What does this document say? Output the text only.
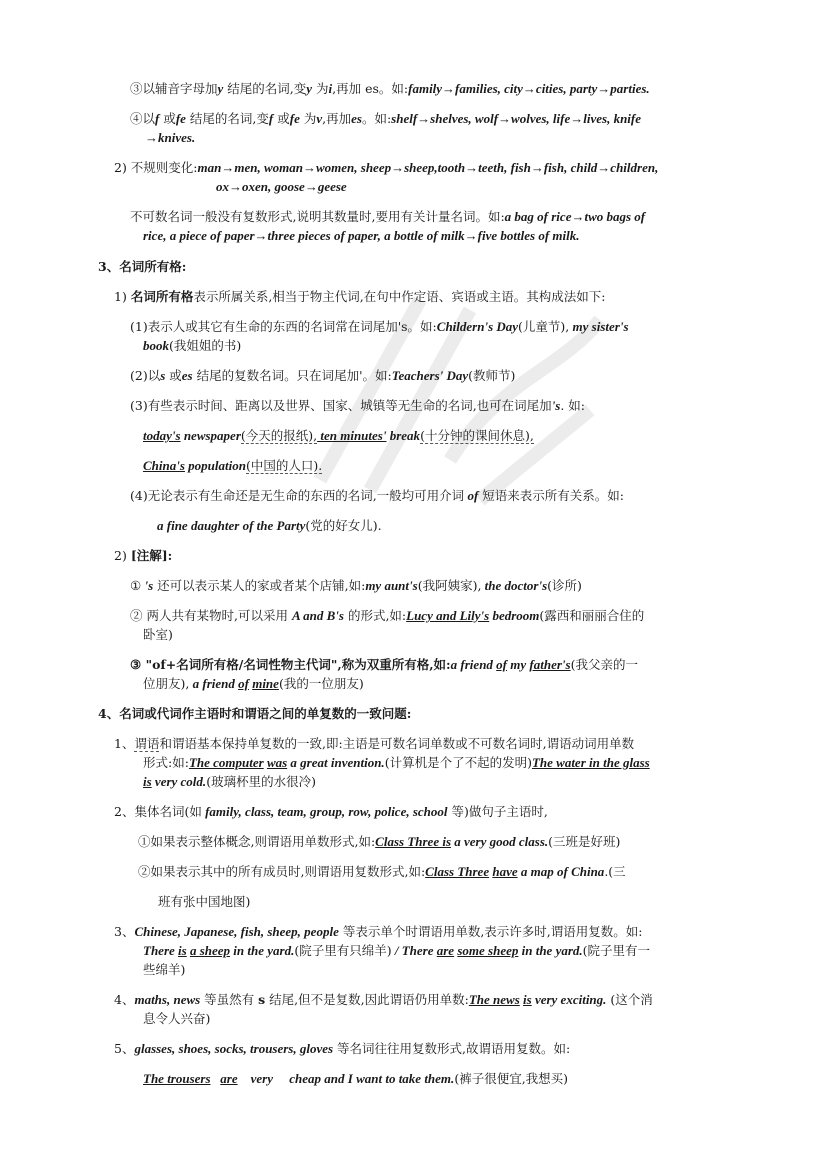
③以辅音字母加y 结尾的名词,变y 为i,再加 es。如:family→families, city→cities, party→parties.
④以f 或fe 结尾的名词,变f 或fe 为v,再加es。如:shelf→shelves, wolf→wolves, life→lives, knife
→knives.
2) 不规则变化:man→men, woman→women, sheep→sheep,tooth→teeth, fish→fish, child→children,
ox→oxen, goose→geese
不可数名词一般没有复数形式,说明其数量时,要用有关计量名词。如:a bag of rice→two bags of
rice, a piece of paper→three pieces of paper, a bottle of milk→five bottles of milk.
3、名词所有格:
1) 名词所有格表示所属关系,相当于物主代词,在句中作定语、宾语或主语。其构成法如下:
(1)表示人或其它有生命的东西的名词常在词尾加's。如:Childern's Day(儿童节), my sister's
book(我姐姐的书)
(2)以s 或es 结尾的复数名词。只在词尾加'。如:Teachers' Day(教师节)
(3)有些表示时间、距离以及世界、国家、城镇等无生命的名词,也可在词尾加's. 如:
today's newspaper(今天的报纸), ten minutes' break(十分钟的课间休息),
China's population(中国的人口).
(4)无论表示有生命还是无生命的东西的名词,一般均可用介词 of 短语来表示所有关系。如:
a fine daughter of the Party(党的好女儿).
2) [注解]:
① 's 还可以表示某人的家或者某个店铺,如:my aunt's(我阿姨家), the doctor's(诊所)
② 两人共有某物时,可以采用 A and B's 的形式,如:Lucy and Lily's bedroom(露西和丽丽合住的
卧室)
③ "of+名词所有格/名词性物主代词",称为双重所有格,如:a friend of my father's(我父亲的一
位朋友), a friend of mine(我的一位朋友)
4、名词或代词作主语时和谓语之间的单复数的一致问题:
1、谓语和谓语基本保持单复数的一致,即:主语是可数名词单数或不可数名词时,谓语动词用单数
形式:如:The computer was a great invention.(计算机是个了不起的发明)The water in the glass
is very cold.(玻璃杯里的水很冷)
2、集体名词(如 family, class, team, group, row, police, school 等)做句子主语时,
①如果表示整体概念,则谓语用单数形式,如:Class Three is a very good class.(三班是好班)
②如果表示其中的所有成员时,则谓语用复数形式,如:Class Three have a map of China.(三
班有张中国地图)
3、Chinese, Japanese, fish, sheep, people 等表示单个时谓语用单数,表示许多时,谓语用复数。如:
There is a sheep in the yard.(院子里有只绵羊) / There are some sheep in the yard.(院子里有一
些绵羊)
4、maths, news 等虽然有 s 结尾,但不是复数,因此谓语仍用单数:The news is very exciting. (这个消
息令人兴奋)
5、glasses, shoes, socks, trousers, gloves 等名词往往用复数形式,故谓语用复数。如:
The trousers are    very     cheap and I want to take them.(裤子很便宜,我想买)
